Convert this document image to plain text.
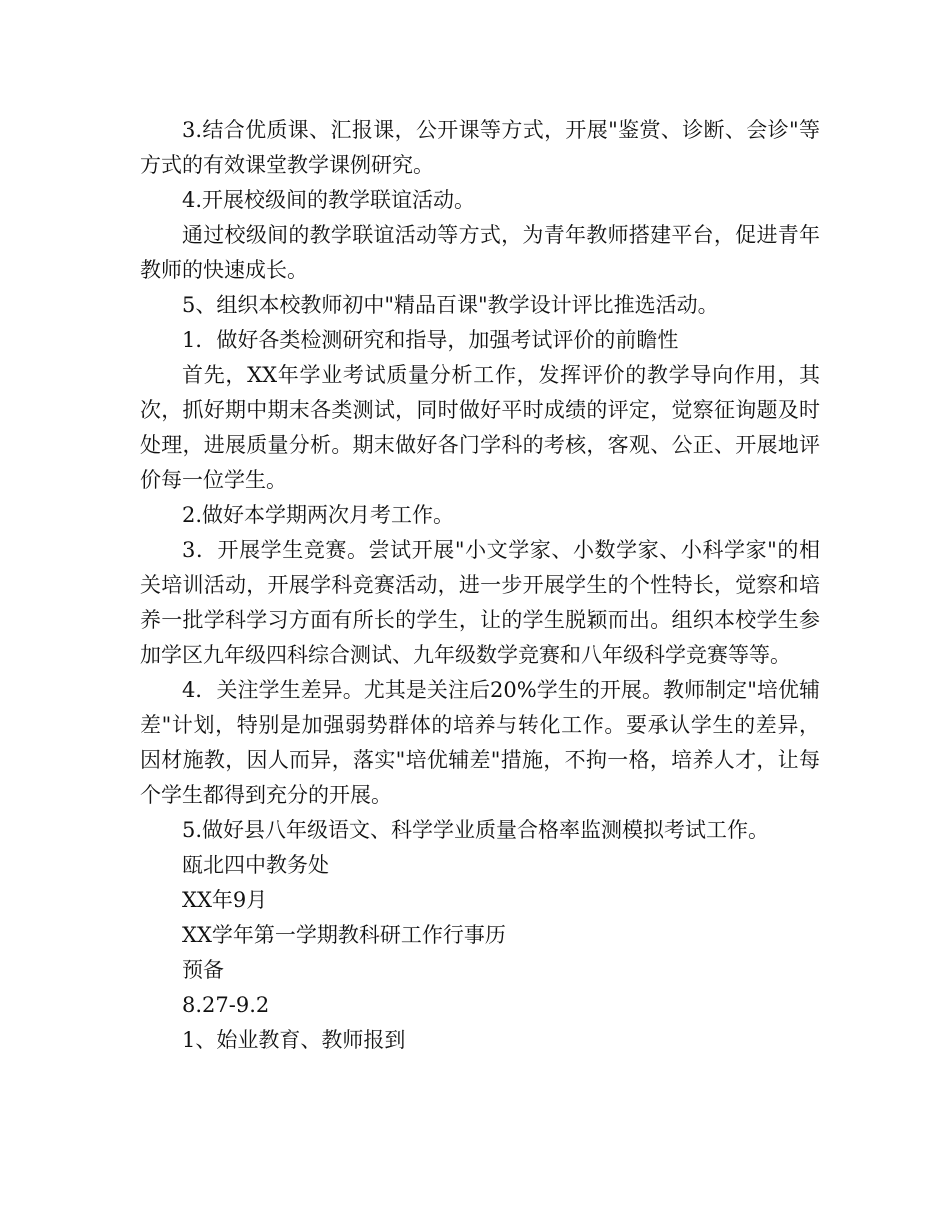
3.结合优质课、汇报课，公开课等方式，开展"鉴赏、诊断、会诊"等方式的有效课堂教学课例研究。

4.开展校级间的教学联谊活动。

通过校级间的教学联谊活动等方式，为青年教师搭建平台，促进青年教师的快速成长。

5、组织本校教师初中"精品百课"教学设计评比推选活动。

1．做好各类检测研究和指导，加强考试评价的前瞻性

首先，XX年学业考试质量分析工作，发挥评价的教学导向作用，其次，抓好期中期末各类测试，同时做好平时成绩的评定，觉察征询题及时处理，进展质量分析。期末做好各门学科的考核，客观、公正、开展地评价每一位学生。

2.做好本学期两次月考工作。

3．开展学生竞赛。尝试开展"小文学家、小数学家、小科学家"的相关培训活动，开展学科竞赛活动，进一步开展学生的个性特长，觉察和培养一批学科学习方面有所长的学生，让的学生脱颖而出。组织本校学生参加学区九年级四科综合测试、九年级数学竞赛和八年级科学竞赛等等。

4．关注学生差异。尤其是关注后20%学生的开展。教师制定"培优辅差"计划，特别是加强弱势群体的培养与转化工作。要承认学生的差异，因材施教，因人而异，落实"培优辅差"措施，不拘一格，培养人才，让每个学生都得到充分的开展。

5.做好县八年级语文、科学学业质量合格率监测模拟考试工作。

瓯北四中教务处

XX年9月

XX学年第一学期教科研工作行事历

预备

8.27-9.2

1、始业教育、教师报到
